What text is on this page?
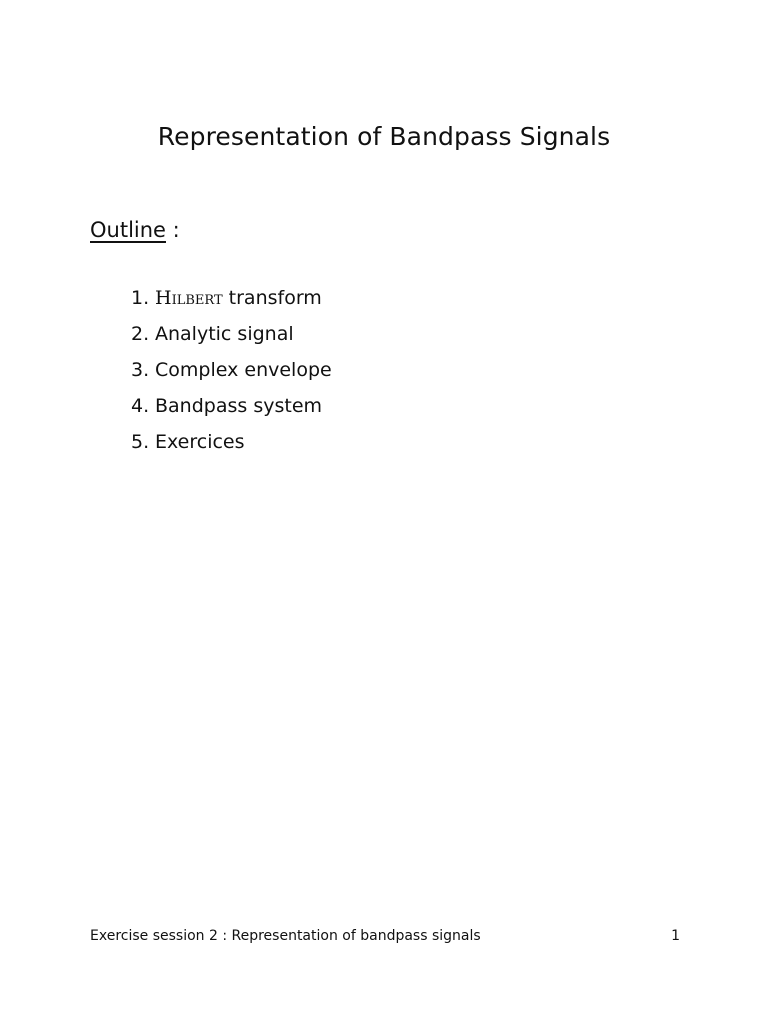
Representation of Bandpass Signals
Outline :
1. Hilbert transform
2. Analytic signal
3. Complex envelope
4. Bandpass system
5. Exercices
Exercise session 2 : Representation of bandpass signals	1
